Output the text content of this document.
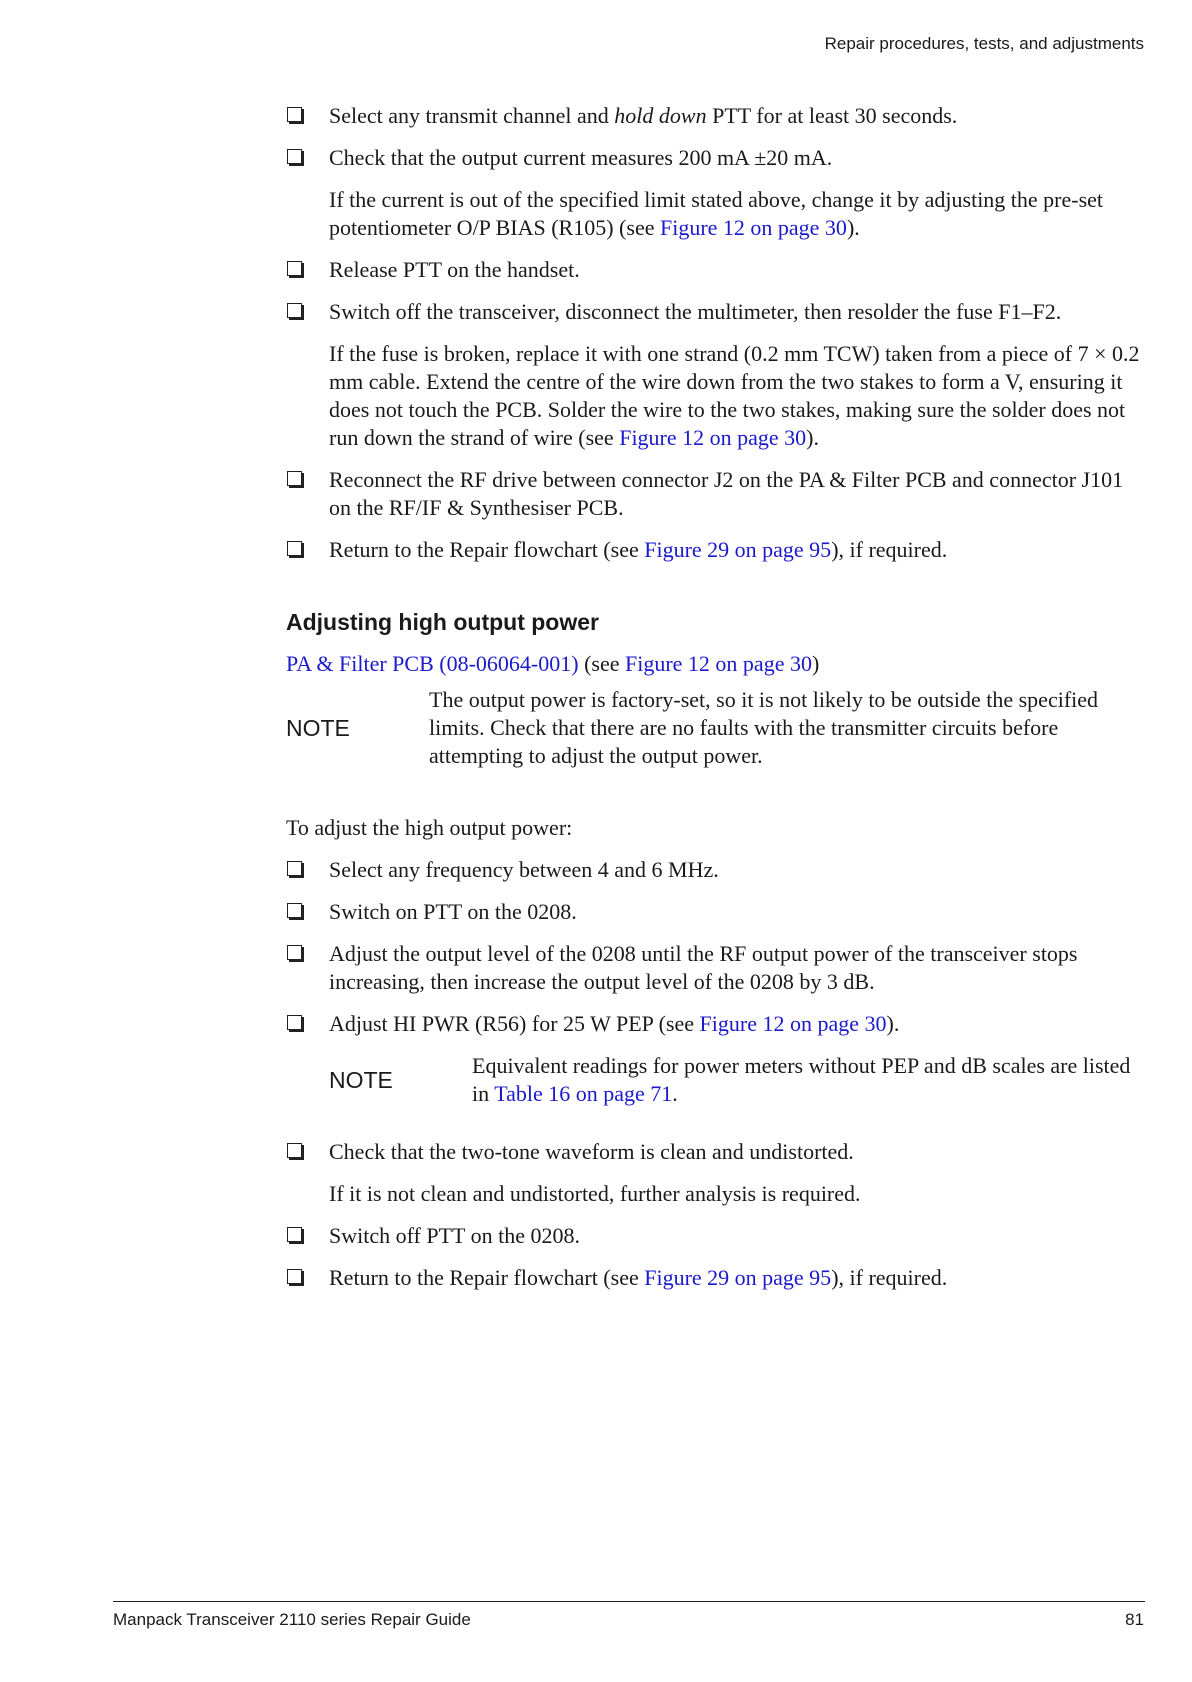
Repair procedures, tests, and adjustments
Select any transmit channel and hold down PTT for at least 30 seconds.
Check that the output current measures 200 mA ±20 mA.
If the current is out of the specified limit stated above, change it by adjusting the pre-set potentiometer O/P BIAS (R105) (see Figure 12 on page 30).
Release PTT on the handset.
Switch off the transceiver, disconnect the multimeter, then resolder the fuse F1–F2.
If the fuse is broken, replace it with one strand (0.2 mm TCW) taken from a piece of 7 × 0.2 mm cable. Extend the centre of the wire down from the two stakes to form a V, ensuring it does not touch the PCB. Solder the wire to the two stakes, making sure the solder does not run down the strand of wire (see Figure 12 on page 30).
Reconnect the RF drive between connector J2 on the PA & Filter PCB and connector J101 on the RF/IF & Synthesiser PCB.
Return to the Repair flowchart (see Figure 29 on page 95), if required.
Adjusting high output power
PA & Filter PCB (08-06064-001) (see Figure 12 on page 30)
NOTE
The output power is factory-set, so it is not likely to be outside the specified limits. Check that there are no faults with the transmitter circuits before attempting to adjust the output power.
To adjust the high output power:
Select any frequency between 4 and 6 MHz.
Switch on PTT on the 0208.
Adjust the output level of the 0208 until the RF output power of the transceiver stops increasing, then increase the output level of the 0208 by 3 dB.
Adjust HI PWR (R56) for 25 W PEP (see Figure 12 on page 30).
NOTE
Equivalent readings for power meters without PEP and dB scales are listed in Table 16 on page 71.
Check that the two-tone waveform is clean and undistorted.
If it is not clean and undistorted, further analysis is required.
Switch off PTT on the 0208.
Return to the Repair flowchart (see Figure 29 on page 95), if required.
Manpack Transceiver 2110 series Repair Guide	81
